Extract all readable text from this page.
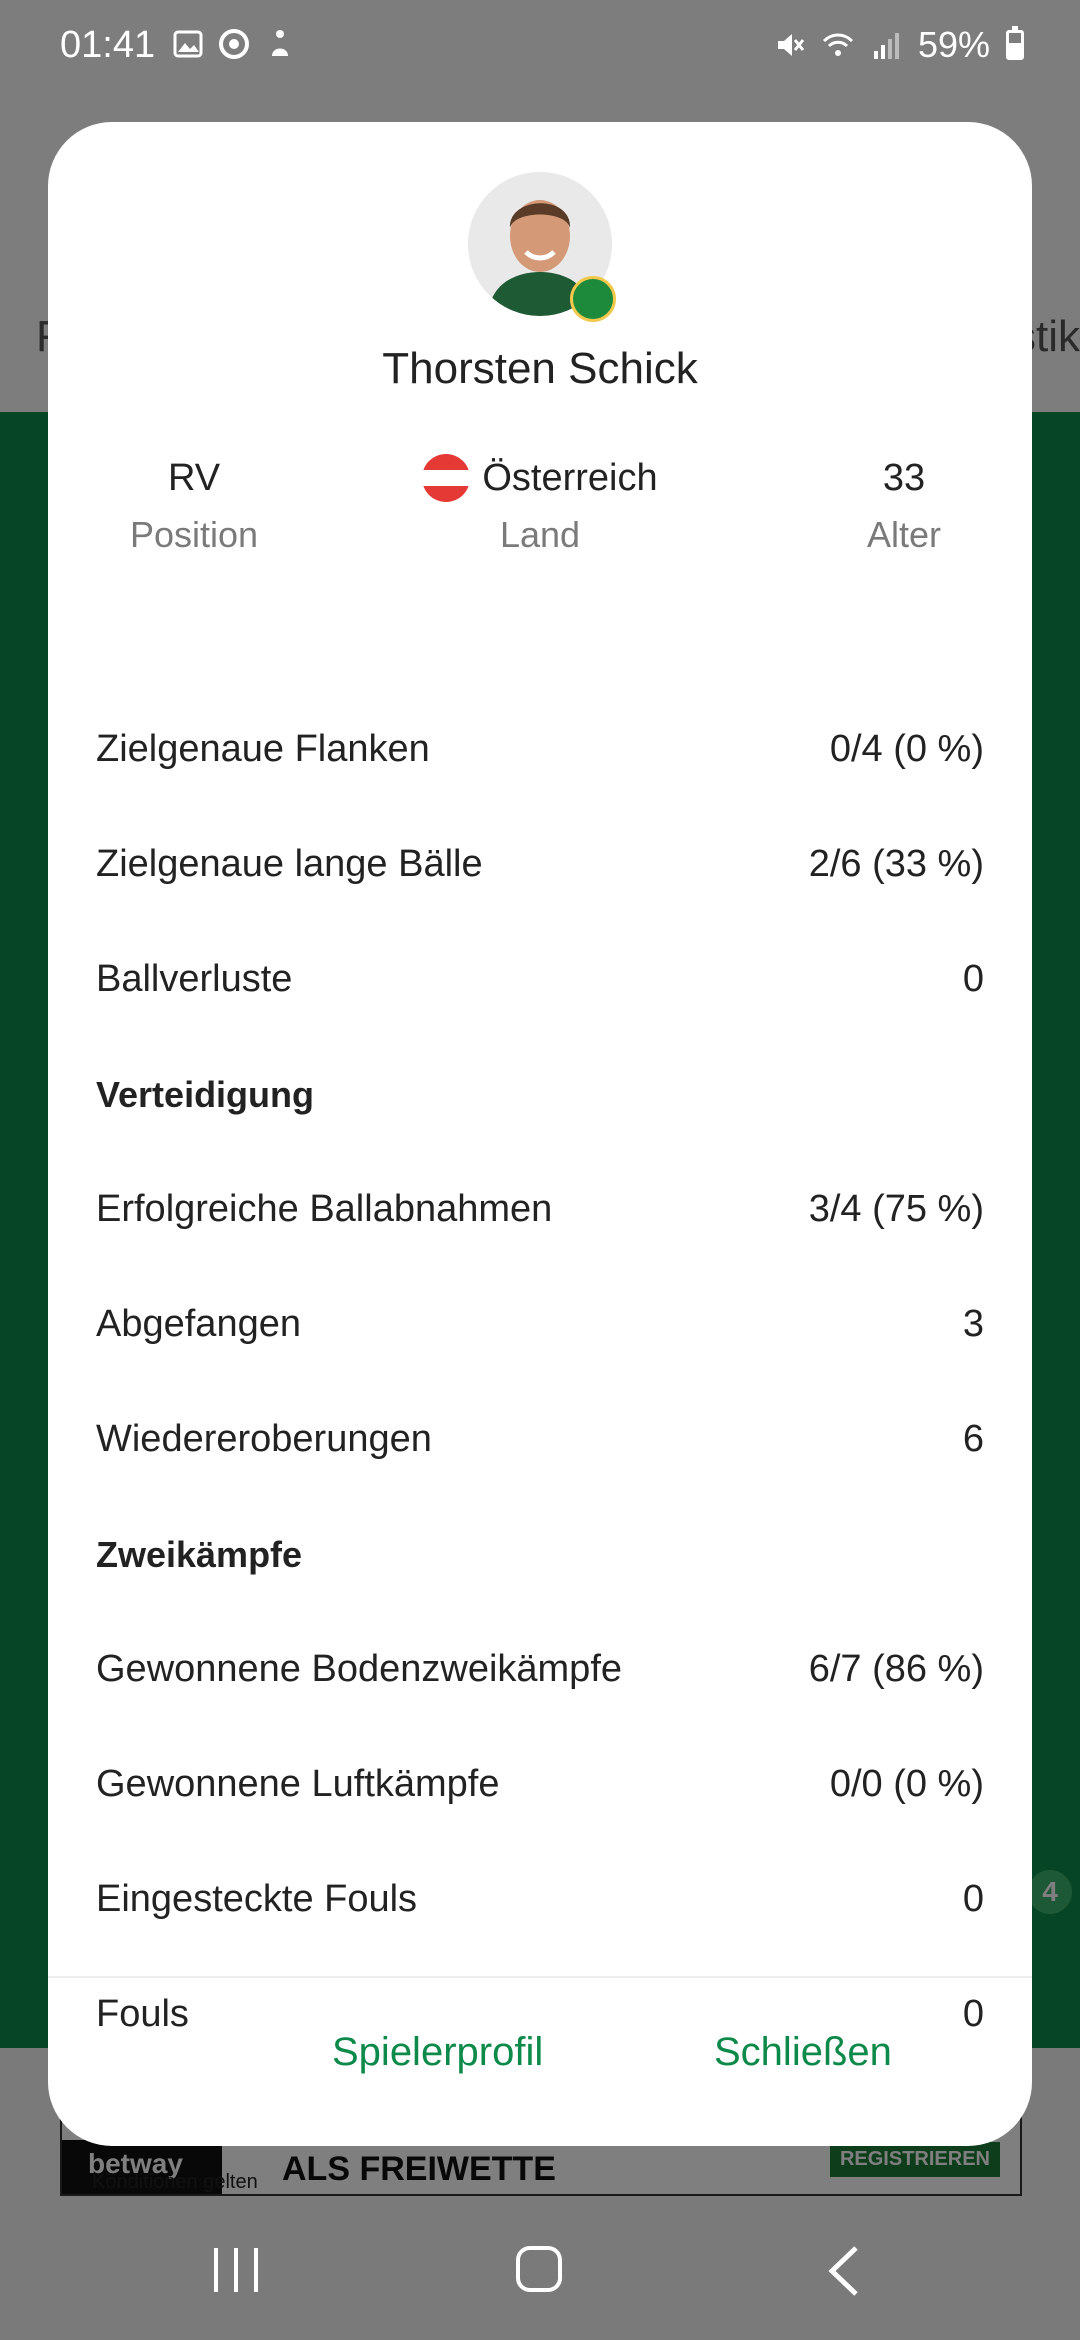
01:41	59%
Thorsten Schick
RV
Position
Österreich
Land
33
Alter
Zielgenaue Flanken	0/4 (0 %)
Zielgenaue lange Bälle	2/6 (33 %)
Ballverluste	0
Verteidigung
Erfolgreiche Ballabnahmen	3/4 (75 %)
Abgefangen	3
Wiedereroberungen	6
Zweikämpfe
Gewonnene Bodenzweikämpfe	6/7 (86 %)
Gewonnene Luftkämpfe	0/0 (0 %)
Eingesteckte Fouls	0
Fouls	0
Spielerprofil	Schließen
